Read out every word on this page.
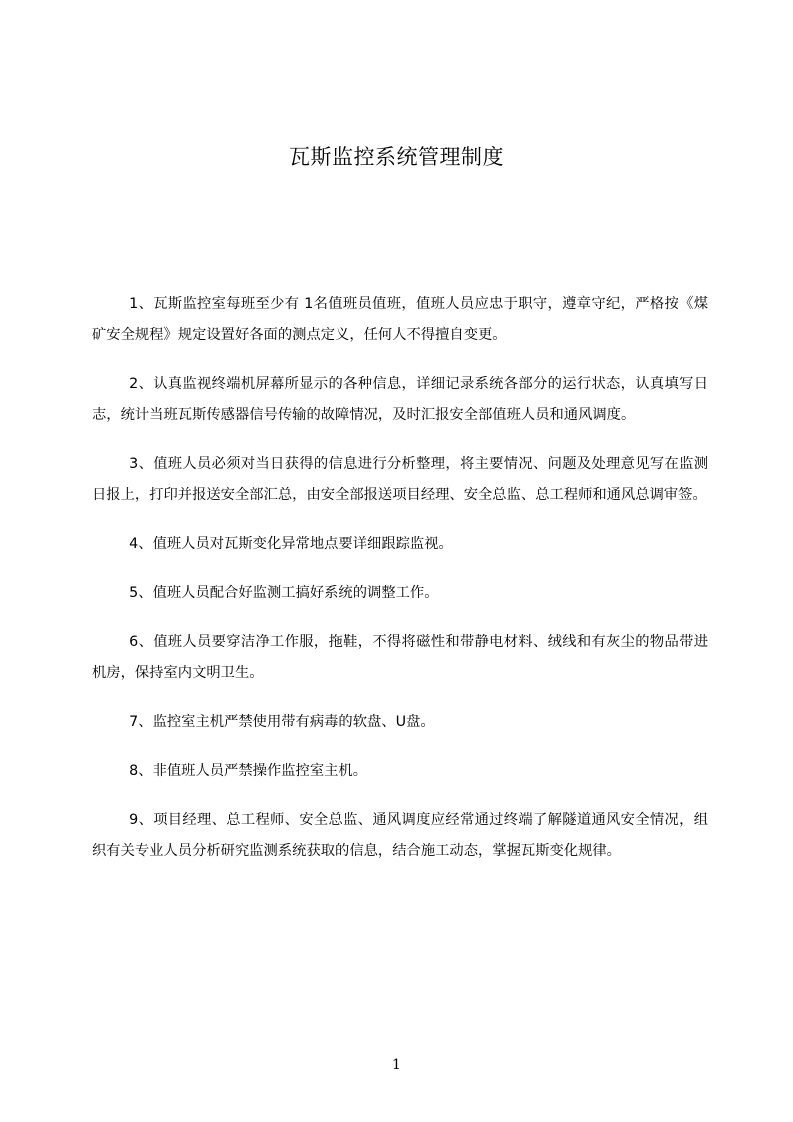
瓦斯监控系统管理制度

1、瓦斯监控室每班至少有 1名值班员值班，值班人员应忠于职守，遵章守纪，严格按《煤矿安全规程》规定设置好各面的测点定义，任何人不得擅自变更。

2、认真监视终端机屏幕所显示的各种信息，详细记录系统各部分的运行状态，认真填写日志，统计当班瓦斯传感器信号传输的故障情况，及时汇报安全部值班人员和通风调度。

3、值班人员必须对当日获得的信息进行分析整理，将主要情况、问题及处理意见写在监测日报上，打印并报送安全部汇总，由安全部报送项目经理、安全总监、总工程师和通风总调审签。

4、值班人员对瓦斯变化异常地点要详细跟踪监视。

5、值班人员配合好监测工搞好系统的调整工作。

6、值班人员要穿洁净工作服，拖鞋，不得将磁性和带静电材料、绒线和有灰尘的物品带进机房，保持室内文明卫生。

7、监控室主机严禁使用带有病毒的软盘、U盘。

8、非值班人员严禁操作监控室主机。

9、项目经理、总工程师、安全总监、通风调度应经常通过终端了解隧道通风安全情况，组织有关专业人员分析研究监测系统获取的信息，结合施工动态，掌握瓦斯变化规律。

1
